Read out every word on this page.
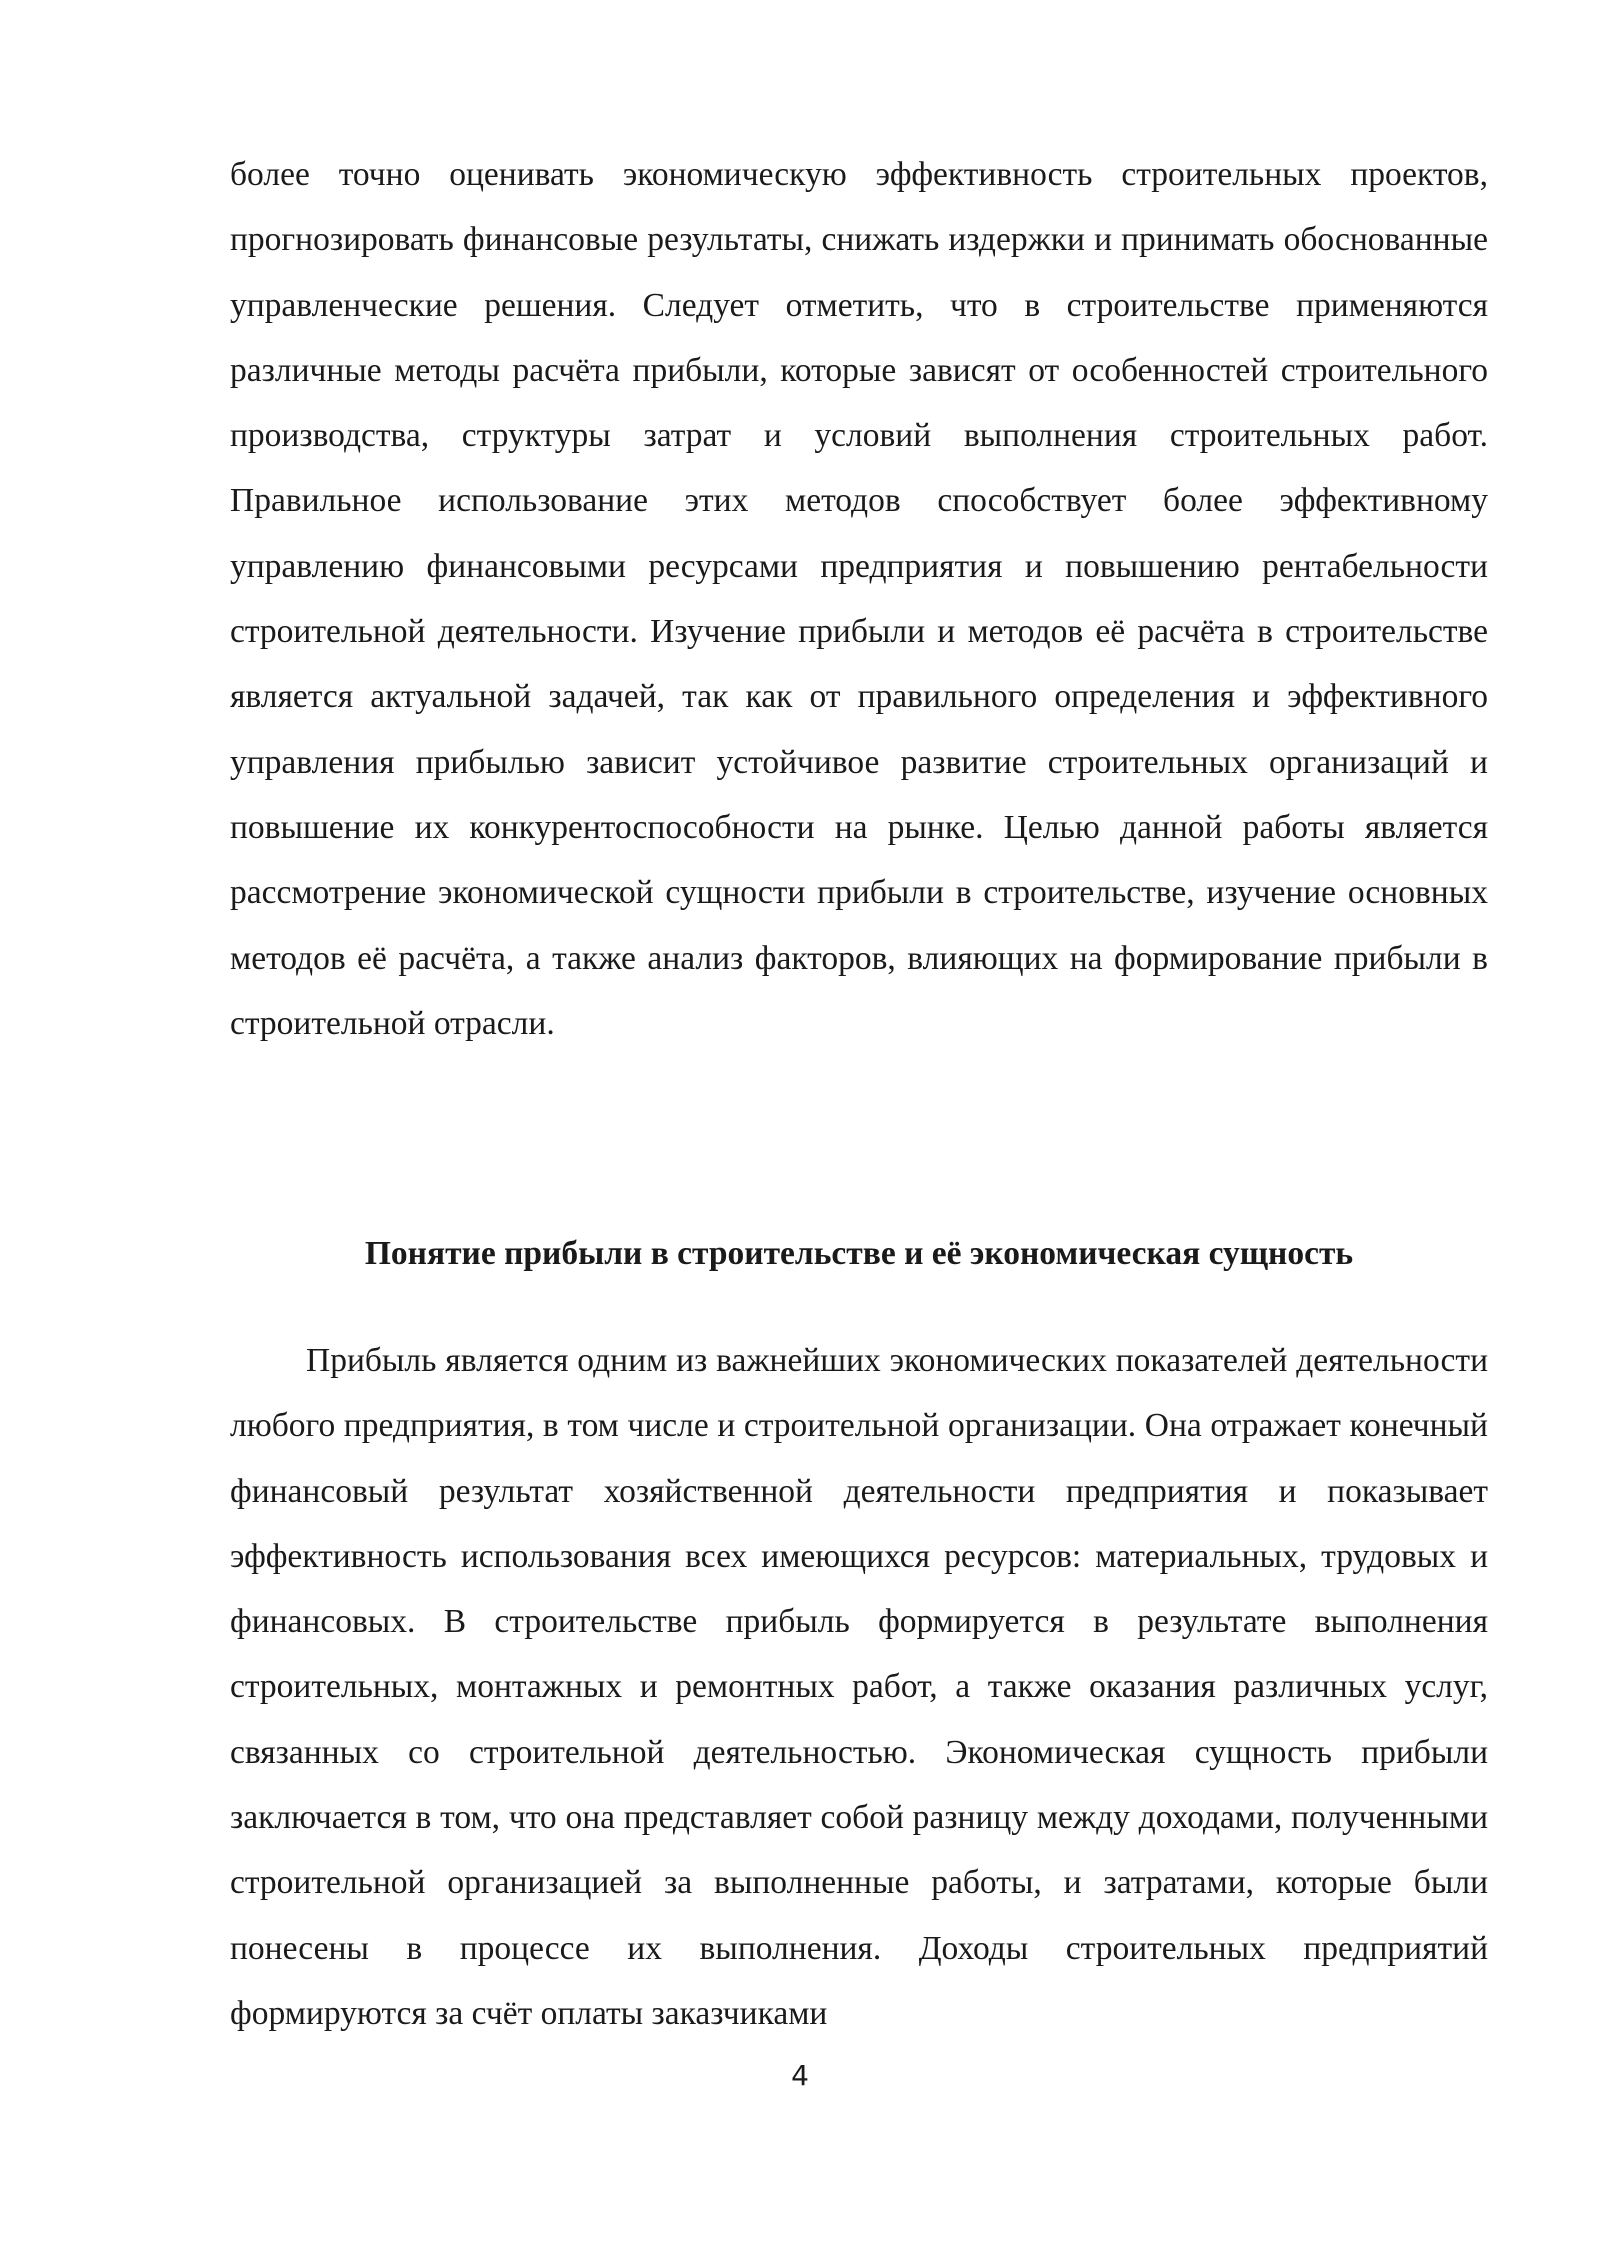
более точно оценивать экономическую эффективность строительных проектов, прогнозировать финансовые результаты, снижать издержки и принимать обоснованные управленческие решения. Следует отметить, что в строительстве применяются различные методы расчёта прибыли, которые зависят от особенностей строительного производства, структуры затрат и условий выполнения строительных работ. Правильное использование этих методов способствует более эффективному управлению финансовыми ресурсами предприятия и повышению рентабельности строительной деятельности. Изучение прибыли и методов её расчёта в строительстве является актуальной задачей, так как от правильного определения и эффективного управления прибылью зависит устойчивое развитие строительных организаций и повышение их конкурентоспособности на рынке. Целью данной работы является рассмотрение экономической сущности прибыли в строительстве, изучение основных методов её расчёта, а также анализ факторов, влияющих на формирование прибыли в строительной отрасли.

Понятие прибыли в строительстве и её экономическая сущность

Прибыль является одним из важнейших экономических показателей деятельности любого предприятия, в том числе и строительной организации. Она отражает конечный финансовый результат хозяйственной деятельности предприятия и показывает эффективность использования всех имеющихся ресурсов: материальных, трудовых и финансовых. В строительстве прибыль формируется в результате выполнения строительных, монтажных и ремонтных работ, а также оказания различных услуг, связанных со строительной деятельностью. Экономическая сущность прибыли заключается в том, что она представляет собой разницу между доходами, полученными строительной организацией за выполненные работы, и затратами, которые были понесены в процессе их выполнения. Доходы строительных предприятий формируются за счёт оплаты заказчиками

4
